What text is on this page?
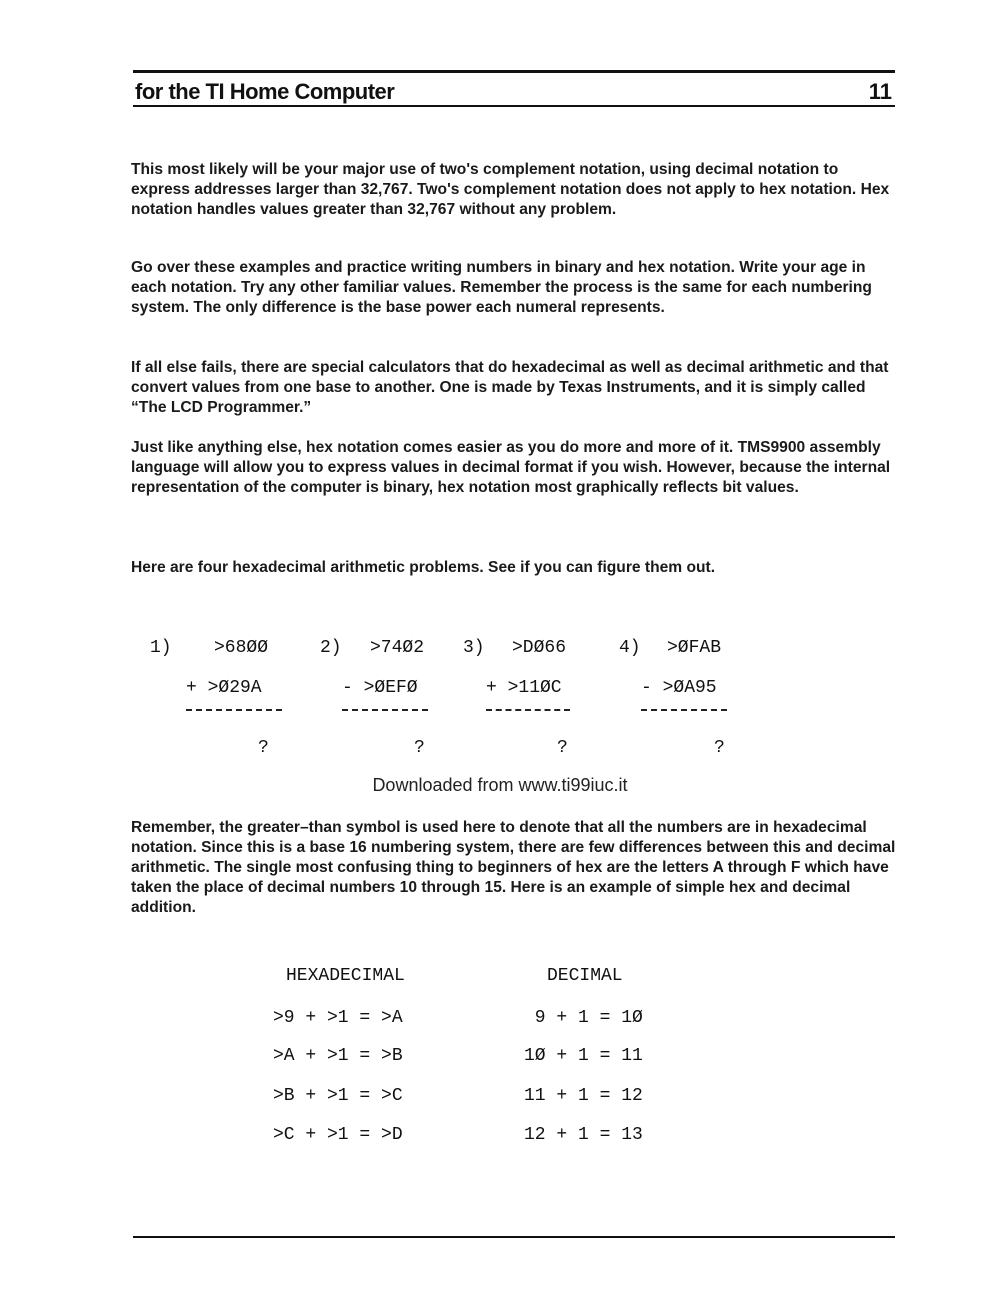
for the TI Home Computer	11

This most likely will be your major use of two's complement notation, using decimal notation to express addresses larger than 32,767. Two's complement notation does not apply to hex notation. Hex notation handles values greater than 32,767 without any problem.

Go over these examples and practice writing numbers in binary and hex notation. Write your age in each notation. Try any other familiar values. Remember the process is the same for each numbering system. The only difference is the base power each numeral represents.

If all else fails, there are special calculators that do hexadecimal as well as decimal arithmetic and that convert values from one base to another. One is made by Texas Instruments, and it is simply called “The LCD Programmer.”

Just like anything else, hex notation comes easier as you do more and more of it. TMS9900 assembly language will allow you to express values in decimal format if you wish. However, because the internal representation of the computer is binary, hex notation most graphically reflects bit values.

Here are four hexadecimal arithmetic problems. See if you can figure them out.

1) >68ØØ
+ >Ø29A
?
2) >74Ø2
- >ØEFØ
?
3) >DØ66
+ >11ØC
?
4) >ØFAB
- >ØA95
?
Downloaded from www.ti99iuc.it

Remember, the greater–than symbol is used here to denote that all the numbers are in hexadecimal notation. Since this is a base 16 numbering system, there are few differences between this and decimal arithmetic. The single most confusing thing to beginners of hex are the letters A through F which have taken the place of decimal numbers 10 through 15. Here is an example of simple hex and decimal addition.

HEXADECIMAL	DECIMAL
>9 + >1 = >A	9 + 1 = 1Ø
>A + >1 = >B	1Ø + 1 = 11
>B + >1 = >C	11 + 1 = 12
>C + >1 = >D	12 + 1 = 13
